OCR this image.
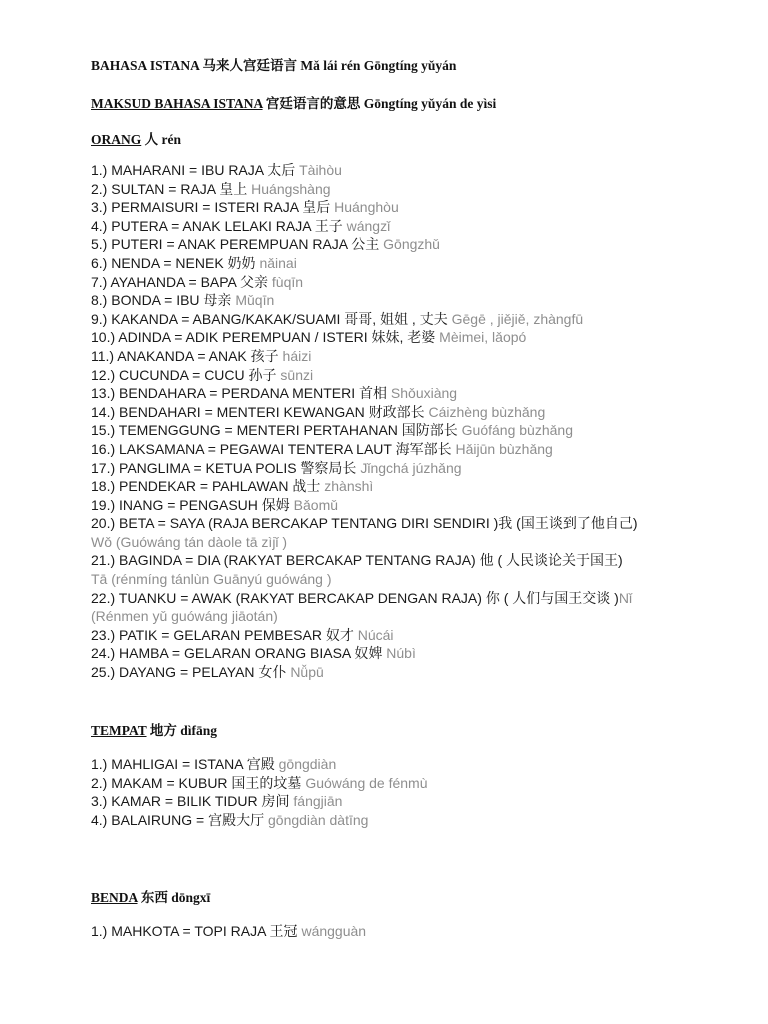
BAHASA ISTANA 马来人宫廷语言 Mǎ lái rén Gōngtíng yǔyán
MAKSUD BAHASA ISTANA 宫廷语言的意思 Gōngtíng yǔyán de yìsi
ORANG 人 rén
1.) MAHARANI = IBU RAJA 太后 Tàihòu
2.) SULTAN = RAJA 皇上 Huángshàng
3.) PERMAISURI = ISTERI RAJA 皇后 Huánghòu
4.) PUTERA = ANAK LELAKI RAJA 王子 wángzǐ
5.) PUTERI = ANAK PEREMPUAN RAJA 公主 Gōngzhǔ
6.) NENDA = NENEK 奶奶 nǎinai
7.) AYAHANDA = BAPA 父亲 fùqīn
8.) BONDA = IBU 母亲 Mǔqīn
9.) KAKANDA = ABANG/KAKAK/SUAMI 哥哥, 姐姐 , 丈夫 Gēgē , jiějiě, zhàngfū
10.) ADINDA = ADIK PEREMPUAN / ISTERI 妹妹, 老婆 Mèimei, lǎopó
11.) ANAKANDA = ANAK 孩子 háizi
12.) CUCUNDA = CUCU 孙子 sūnzi
13.) BENDAHARA = PERDANA MENTERI 首相 Shǒuxiàng
14.) BENDAHARI = MENTERI KEWANGAN 财政部长 Cáizhèng bùzhǎng
15.) TEMENGGUNG = MENTERI PERTAHANAN 国防部长 Guófáng bùzhǎng
16.) LAKSAMANA = PEGAWAI TENTERA LAUT 海军部长 Hǎijūn bùzhǎng
17.) PANGLIMA = KETUA POLIS 警察局长 Jǐngchá júzhǎng
18.) PENDEKAR = PAHLAWAN 战士 zhànshì
19.) INANG = PENGASUH 保姆 Bǎomǔ
20.) BETA = SAYA (RAJA BERCAKAP TENTANG DIRI SENDIRI )我 (国王谈到了他自己)
Wǒ (Guówáng tán dàole tā zìjǐ )
21.) BAGINDA = DIA (RAKYAT BERCAKAP TENTANG RAJA) 他 ( 人民谈论关于国王)
Tā (rénmíng tánlùn Guānyú guówáng )
22.) TUANKU = AWAK (RAKYAT BERCAKAP DENGAN RAJA) 你 ( 人们与国王交谈 )Nǐ
(Rénmen yǔ guówáng jiāotán)
23.) PATIK = GELARAN PEMBESAR 奴才 Núcái
24.) HAMBA = GELARAN ORANG BIASA 奴婢 Núbì
25.) DAYANG = PELAYAN 女仆 Nǚpū
TEMPAT 地方 dìfāng
1.) MAHLIGAI = ISTANA 宫殿 gōngdiàn
2.) MAKAM = KUBUR 国王的坟墓 Guówáng de fénmù
3.) KAMAR = BILIK TIDUR 房间 fángjiān
4.) BALAIRUNG = 宫殿大厅 gōngdiàn dàtīng
BENDA 东西 dōngxī
1.) MAHKOTA = TOPI RAJA 王冠 wángguàn
